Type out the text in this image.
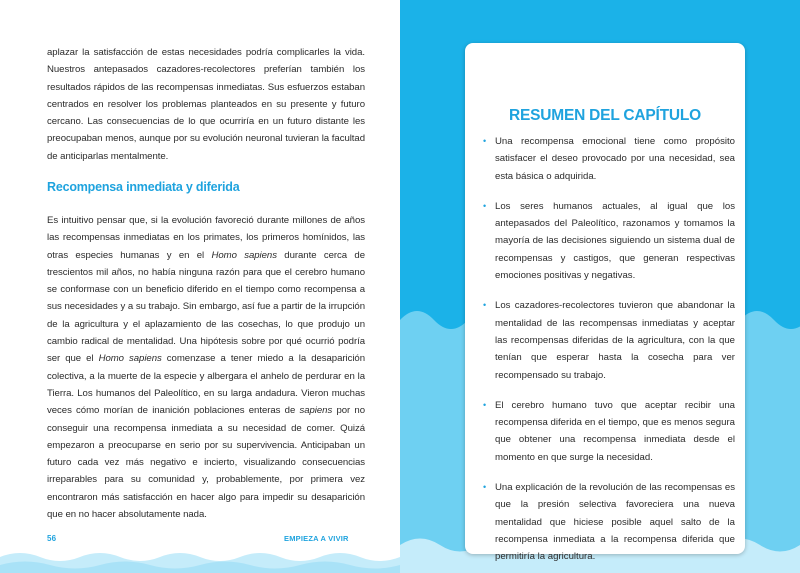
aplazar la satisfacción de estas necesidades podría complicarles la vida. Nuestros antepasados cazadores-recolectores preferían también los resultados rápidos de las recompensas inmediatas. Sus esfuerzos estaban centrados en resolver los problemas planteados en su presente y futuro cercano. Las consecuencias de lo que ocurriría en un futuro distante les preocupaban menos, aunque por su evolución neuronal tuvieran la facultad de anticiparlas mentalmente.

Recompensa inmediata y diferida

Es intuitivo pensar que, si la evolución favoreció durante millones de años las recompensas inmediatas en los primates, los primeros homínidos, las otras especies humanas y en el Homo sapiens durante cerca de trescientos mil años, no había ninguna razón para que el cerebro humano se conformase con un beneficio diferido en el tiempo como recompensa a sus necesidades y a su trabajo. Sin embargo, así fue a partir de la irrupción de la agricultura y el aplazamiento de las cosechas, lo que produjo un cambio radical de mentalidad. Una hipótesis sobre por qué ocurrió podría ser que el Homo sapiens comenzase a tener miedo a la desaparición colectiva, a la muerte de la especie y albergara el anhelo de perdurar en la Tierra. Los humanos del Paleolítico, en su larga andadura. Vieron muchas veces cómo morían de inanición poblaciones enteras de sapiens por no conseguir una recompensa inmediata a su necesidad de comer. Quizá empezaron a preocuparse en serio por su supervivencia. Anticipaban un futuro cada vez más negativo e incierto, visualizando consecuencias irreparables para su comunidad y, probablemente, por primera vez encontraron más satisfacción en hacer algo para impedir su desaparición que en no hacer absolutamente nada.

56	EMPIEZA A VIVIR
RESUMEN DEL CAPÍTULO
• Una recompensa emocional tiene como propósito satisfacer el deseo provocado por una necesidad, sea esta básica o adquirida.
• Los seres humanos actuales, al igual que los antepasados del Paleolítico, razonamos y tomamos la mayoría de las decisiones siguiendo un sistema dual de recompensas y castigos, que generan respectivas emociones positivas y negativas.
• Los cazadores-recolectores tuvieron que abandonar la mentalidad de las recompensas inmediatas y aceptar las recompensas diferidas de la agricultura, con la que tenían que esperar hasta la cosecha para ver recompensado su trabajo.
• El cerebro humano tuvo que aceptar recibir una recompensa diferida en el tiempo, que es menos segura que obtener una recompensa inmediata desde el momento en que surge la necesidad.
• Una explicación de la revolución de las recompensas es que la presión selectiva favoreciera una nueva mentalidad que hiciese posible aquel salto de la recompensa inmediata a la recompensa diferida que permitiría la agricultura.
